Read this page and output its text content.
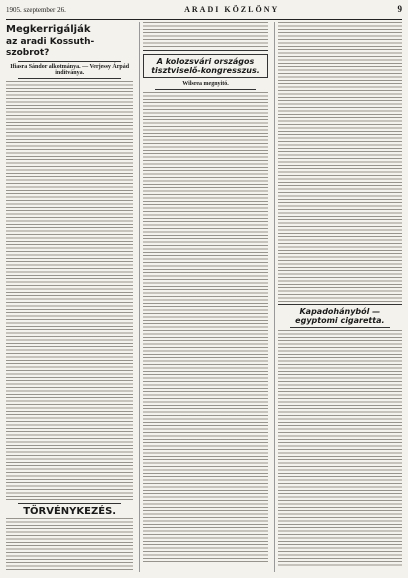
1905. szeptember 26.	ARADI KÖZLÖNY	9
Megkerrigálják
az aradi Kossuth-szobrot?
Ifiasra Sándor alkotmánya. — Verjessy Árpád indítványa.
TÖRVÉNYKEZÉS.
A kolozsvári országos tisztviselő-kongresszus.
Wilsrea megnyitó.
Kapadohányból — egyptomi cigaretta.
